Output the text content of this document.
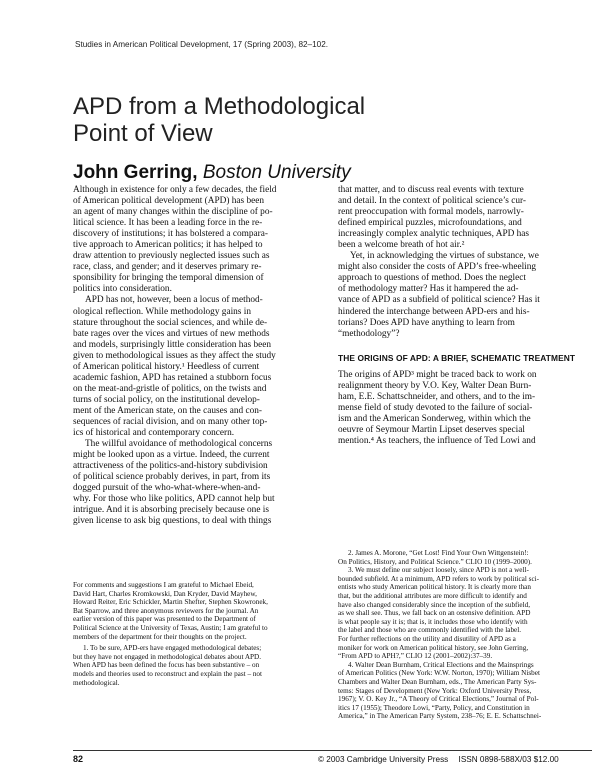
Studies in American Political Development, 17 (Spring 2003), 82–102.
APD from a Methodological
Point of View
John Gerring, Boston University

Although in existence for only a few decades, the field
of American political development (APD) has been
an agent of many changes within the discipline of po-
litical science. It has been a leading force in the re-
discovery of institutions; it has bolstered a compara-
tive approach to American politics; it has helped to
draw attention to previously neglected issues such as
race, class, and gender; and it deserves primary re-
sponsibility for bringing the temporal dimension of
politics into consideration.

APD has not, however, been a locus of method-
ological reflection. While methodology gains in
stature throughout the social sciences, and while de-
bate rages over the vices and virtues of new methods
and models, surprisingly little consideration has been
given to methodological issues as they affect the study
of American political history.¹ Heedless of current
academic fashion, APD has retained a stubborn focus
on the meat-and-gristle of politics, on the twists and
turns of social policy, on the institutional develop-
ment of the American state, on the causes and con-
sequences of racial division, and on many other top-
ics of historical and contemporary concern.

The willful avoidance of methodological concerns
might be looked upon as a virtue. Indeed, the current
attractiveness of the politics-and-history subdivision
of political science probably derives, in part, from its
dogged pursuit of the who-what-where-when-and-
why. For those who like politics, APD cannot help but
intrigue. And it is absorbing precisely because one is
given license to ask big questions, to deal with things

that matter, and to discuss real events with texture
and detail. In the context of political science’s cur-
rent preoccupation with formal models, narrowly-
defined empirical puzzles, microfoundations, and
increasingly complex analytic techniques, APD has
been a welcome breath of hot air.²

Yet, in acknowledging the virtues of substance, we
might also consider the costs of APD’s free-wheeling
approach to questions of method. Does the neglect
of methodology matter? Has it hampered the ad-
vance of APD as a subfield of political science? Has it
hindered the interchange between APD-ers and his-
torians? Does APD have anything to learn from
“methodology”?

THE ORIGINS OF APD: A BRIEF, SCHEMATIC TREATMENT
The origins of APD³ might be traced back to work on
realignment theory by V.O. Key, Walter Dean Burn-
ham, E.E. Schattschneider, and others, and to the im-
mense field of study devoted to the failure of social-
ism and the American Sonderweg, within which the
oeuvre of Seymour Martin Lipset deserves special
mention.⁴ As teachers, the influence of Ted Lowi and
For comments and suggestions I am grateful to Michael Ebeid,
David Hart, Charles Kromkowski, Dan Kryder, David Mayhew,
Howard Reiter, Eric Schickler, Martin Shefter, Stephen Skowronek,
Bat Sparrow, and three anonymous reviewers for the journal. An
earlier version of this paper was presented to the Department of
Political Science at the University of Texas, Austin; I am grateful to
members of the department for their thoughts on the project.
1. To be sure, APD-ers have engaged methodological debates;
but they have not engaged in methodological debates about APD.
When APD has been defined the focus has been substantive – on
models and theories used to reconstruct and explain the past – not
methodological.
2. James A. Morone, “Get Lost! Find Your Own Wittgenstein!:
On Politics, History, and Political Science.” CLIO 10 (1999–2000).
3. We must define our subject loosely, since APD is not a well-
bounded subfield. At a minimum, APD refers to work by political sci-
entists who study American political history. It is clearly more than
that, but the additional attributes are more difficult to identify and
have also changed considerably since the inception of the subfield,
as we shall see. Thus, we fall back on an ostensive definition. APD
is what people say it is; that is, it includes those who identify with
the label and those who are commonly identified with the label.
For further reflections on the utility and disutility of APD as a
moniker for work on American political history, see John Gerring,
“From APD to APH?,” CLIO 12 (2001–2002):37–39.
4. Walter Dean Burnham, Critical Elections and the Mainsprings
of American Politics (New York: W.W. Norton, 1970); William Nisbet
Chambers and Walter Dean Burnham, eds., The American Party Sys-
tems: Stages of Development (New York: Oxford University Press,
1967); V. O. Key Jr., “A Theory of Critical Elections,” Journal of Pol-
itics 17 (1955); Theodore Lowi, “Party, Policy, and Constitution in
America,” in The American Party System, 238–76; E. E. Schattschnei-
82	© 2003 Cambridge University Press ISSN 0898-588X/03 $12.00
